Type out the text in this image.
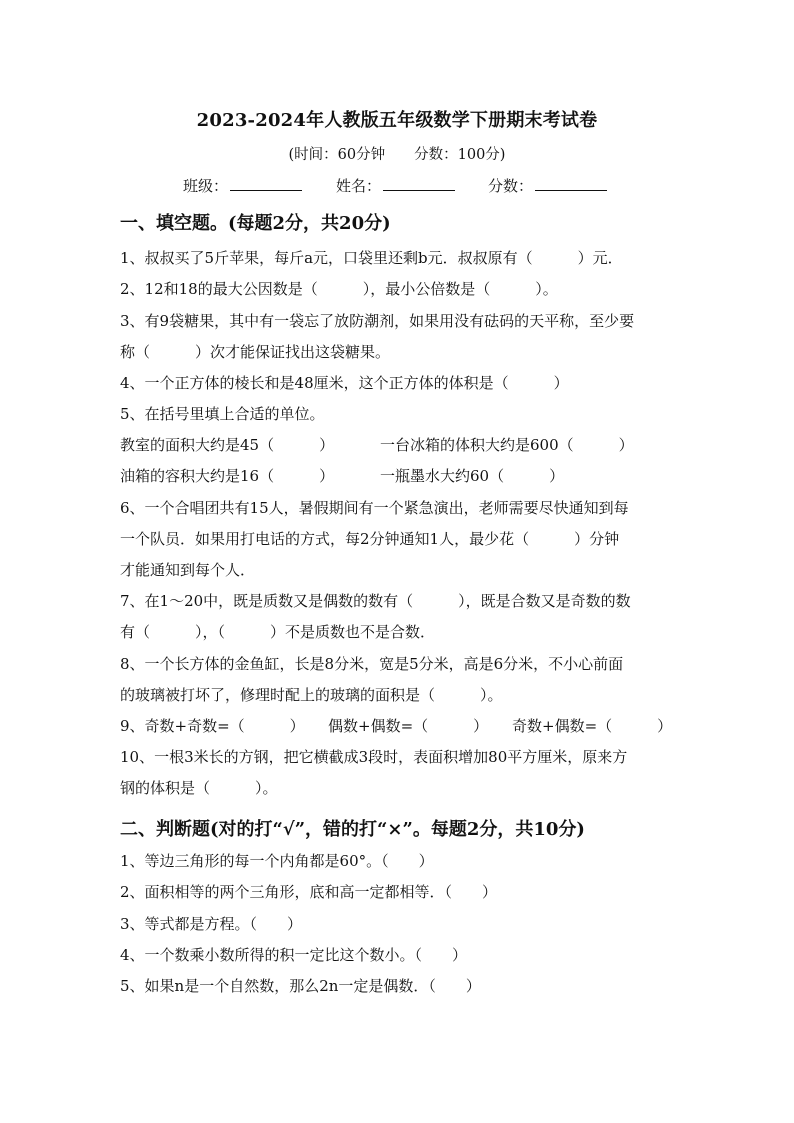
2023-2024年人教版五年级数学下册期末考试卷
(时间：60分钟　　分数：100分)
班级：	姓名：	分数：
一、填空题。(每题2分，共20分)
1、叔叔买了5斤苹果，每斤a元，口袋里还剩b元．叔叔原有（　　　）元．
2、12和18的最大公因数是（　　　），最小公倍数是（　　　）。
3、有9袋糖果，其中有一袋忘了放防潮剂，如果用没有砝码的天平称，至少要
称（　　　）次才能保证找出这袋糖果。
4、一个正方体的棱长和是48厘米，这个正方体的体积是（　　　）
5、在括号里填上合适的单位。
教室的面积大约是45（　　　）	一台冰箱的体积大约是600（　　　）
油箱的容积大约是16（　　　）	一瓶墨水大约60（　　　）
6、一个合唱团共有15人，暑假期间有一个紧急演出，老师需要尽快通知到每
一个队员．如果用打电话的方式，每2分钟通知1人，最少花（　　　）分钟
才能通知到每个人．
7、在1～20中，既是质数又是偶数的数有（　　　），既是合数又是奇数的数
有（　　　），（　　　）不是质数也不是合数．
8、一个长方体的金鱼缸，长是8分米，宽是5分米，高是6分米，不小心前面
的玻璃被打坏了，修理时配上的玻璃的面积是（　　　）。
9、奇数+奇数=（　　　） 偶数+偶数=（　　　） 奇数+偶数=（　　　）
10、一根3米长的方钢，把它横截成3段时，表面积增加80平方厘米，原来方
钢的体积是（　　　）。
二、判断题(对的打“√”，错的打“×”。每题2分，共10分)
1、等边三角形的每一个内角都是60°。（　　）
2、面积相等的两个三角形，底和高一定都相等．（　　）
3、等式都是方程。（　　）
4、一个数乘小数所得的积一定比这个数小。（　　）
5、如果n是一个自然数，那么2n一定是偶数．（　　）
